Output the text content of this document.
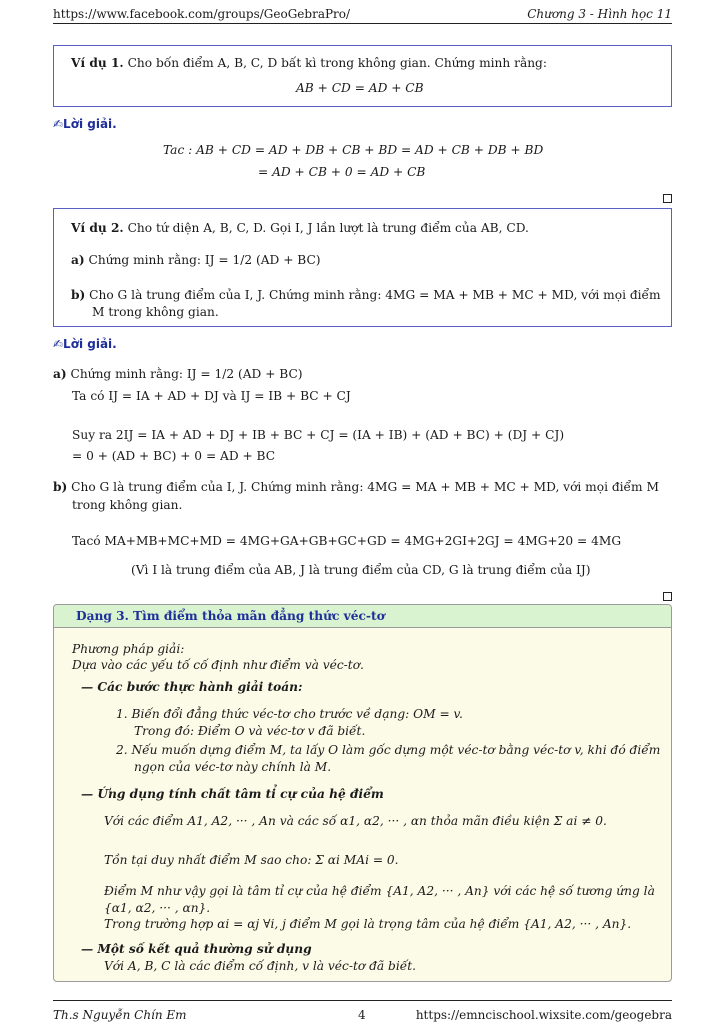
https://www.facebook.com/groups/GeoGebraPro/	Chương 3 - Hình học 11
Ví dụ 1. Cho bốn điểm A, B, C, D bất kì trong không gian. Chứng minh rằng:
AB + CD = AD + CB
✍Lời giải.
Tac : AB + CD = AD + DB + CB + BD = AD + CB + DB + BD
= AD + CB + 0 = AD + CB
Ví dụ 2. Cho tứ diện A, B, C, D. Gọi I, J lần lượt là trung điểm của AB, CD.
a) Chứng minh rằng: IJ = 1/2 (AD + BC)
b) Cho G là trung điểm của I, J. Chứng minh rằng: 4MG = MA + MB + MC + MD, với mọi điểm
M trong không gian.
✍Lời giải.
a) Chứng minh rằng: IJ = 1/2 (AD + BC)
Ta có IJ = IA + AD + DJ và IJ = IB + BC + CJ
Suy ra 2IJ = IA + AD + DJ + IB + BC + CJ = (IA + IB) + (AD + BC) + (DJ + CJ)
= 0 + (AD + BC) + 0 = AD + BC
b) Cho G là trung điểm của I, J. Chứng minh rằng: 4MG = MA + MB + MC + MD, với mọi điểm M
trong không gian.
Tacó MA+MB+MC+MD = 4MG+GA+GB+GC+GD = 4MG+2GI+2GJ = 4MG+20 = 4MG
(Vì I là trung điểm của AB, J là trung điểm của CD, G là trung điểm của IJ)
Dạng 3. Tìm điểm thỏa mãn đẳng thức véc-tơ
Phương pháp giải:
Dựa vào các yếu tố cố định như điểm và véc-tơ.
— Các bước thực hành giải toán:
1. Biến đổi đẳng thức véc-tơ cho trước về dạng: OM = v.
Trong đó: Điểm O và véc-tơ v đã biết.
2. Nếu muốn dựng điểm M, ta lấy O làm gốc dựng một véc-tơ bằng véc-tơ v, khi đó điểm
ngọn của véc-tơ này chính là M.
— Ứng dụng tính chất tâm tỉ cự của hệ điểm
Với các điểm A1, A2, ··· , An và các số α1, α2, ··· , αn thỏa mãn điều kiện Σ ai ≠ 0.
Tồn tại duy nhất điểm M sao cho: Σ αi MAi = 0.
Điểm M như vậy gọi là tâm tỉ cự của hệ điểm {A1, A2, ··· , An} với các hệ số tương ứng là
{α1, α2, ··· , αn}.
Trong trường hợp αi = αj ∀i, j điểm M gọi là trọng tâm của hệ điểm {A1, A2, ··· , An}.
— Một số kết quả thường sử dụng
Với A, B, C là các điểm cố định, v là véc-tơ đã biết.
Th.s Nguyễn Chín Em	4	https://emncischool.wixsite.com/geogebra
